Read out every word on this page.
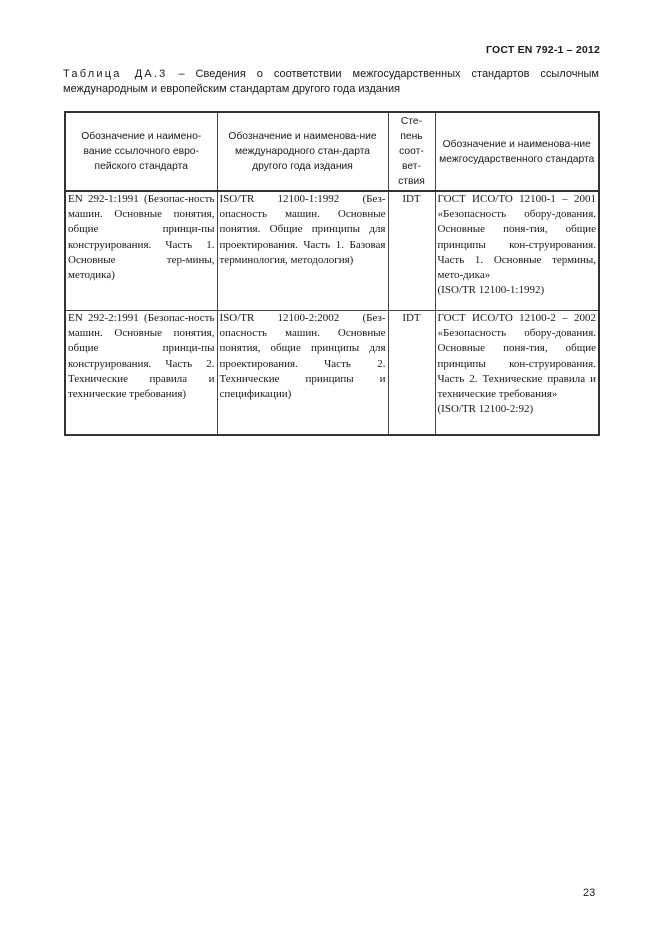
ГОСТ EN 792-1 – 2012
Таблица ДА.3 – Сведения о соответствии межгосударственных стандартов ссылочным международным и европейским стандартам другого года издания
Обозначение и наимено-вание ссылочного евро-пейского стандарта	Обозначение и наименова-ние международного стан-дарта другого года издания	Сте-пень соот-вет-ствия	Обозначение и наименова-ние межгосударственного стандарта
EN 292-1:1991 (Безопас-ность машин. Основные понятия, общие принци-пы конструирования. Часть 1. Основные тер-мины, методика)	ISO/TR 12100-1:1992 (Без-опасность машин. Основные понятия. Общие принципы для проектирования. Часть 1. Базовая терминология, методология)	IDT	ГОСТ ИСО/ТО 12100-1 – 2001 «Безопасность обору-дования. Основные поня-тия, общие принципы кон-струирования. Часть 1. Основные термины, мето-дика»
(ISO/TR 12100-1:1992)
EN 292-2:1991 (Безопас-ность машин. Основные понятия, общие принци-пы конструирования. Часть 2. Технические правила и технические требования)	ISO/TR 12100-2:2002 (Без-опасность машин. Основные понятия, общие принципы для проектирования. Часть 2. Технические принципы и спецификации)	IDT	ГОСТ ИСО/ТО 12100-2 – 2002 «Безопасность обору-дования. Основные поня-тия, общие принципы кон-струирования. Часть 2. Технические правила и технические требования»
(ISO/TR 12100-2:92)
23
